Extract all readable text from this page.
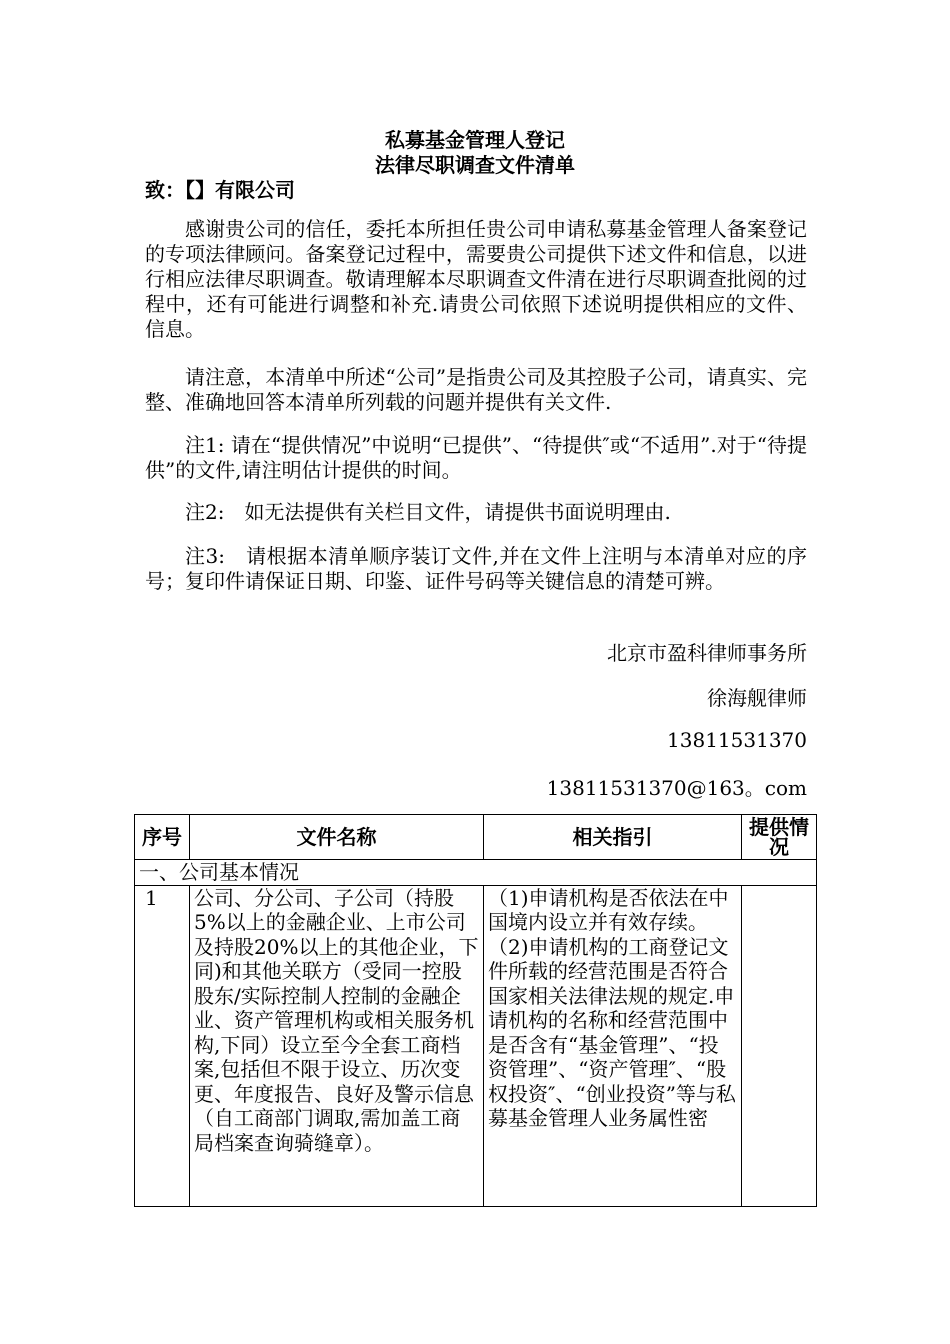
私募基金管理人登记
法律尽职调查文件清单
致：【】有限公司
感谢贵公司的信任，委托本所担任贵公司申请私募基金管理人备案登记的专项法律顾问。备案登记过程中，需要贵公司提供下述文件和信息，以进行相应法律尽职调查。敬请理解本尽职调查文件清在进行尽职调查批阅的过程中，还有可能进行调整和补充.请贵公司依照下述说明提供相应的文件、信息。
请注意，本清单中所述“公司”是指贵公司及其控股子公司，请真实、完整、准确地回答本清单所列载的问题并提供有关文件.
注1: 请在“提供情况”中说明“已提供”、“待提供″或“不适用”.对于“待提供”的文件,请注明估计提供的时间。
注2:　如无法提供有关栏目文件，请提供书面说明理由.
注3:　请根据本清单顺序装订文件,并在文件上注明与本清单对应的序号；复印件请保证日期、印鉴、证件号码等关键信息的清楚可辨。
北京市盈科律师事务所
徐海舰律师
13811531370
13811531370@163。com
序号	文件名称	相关指引	提供情况
一、公司基本情况			

1	公司、分公司、子公司（持股5%以上的金融企业、上市公司及持股20%以上的其他企业，下同)和其他关联方（受同一控股股东/实际控制人控制的金融企业、资产管理机构或相关服务机构,下同）设立至今全套工商档案,包括但不限于设立、历次变更、年度报告、良好及警示信息（自工商部门调取,需加盖工商局档案查询骑缝章）。	（1)申请机构是否依法在中国境内设立并有效存续。（2)申请机构的工商登记文件所载的经营范围是否符合国家相关法律法规的规定.申请机构的名称和经营范围中是否含有“基金管理”、“投资管理”、“资产管理″、“股权投资″、“创业投资”等与私募基金管理人业务属性密	
